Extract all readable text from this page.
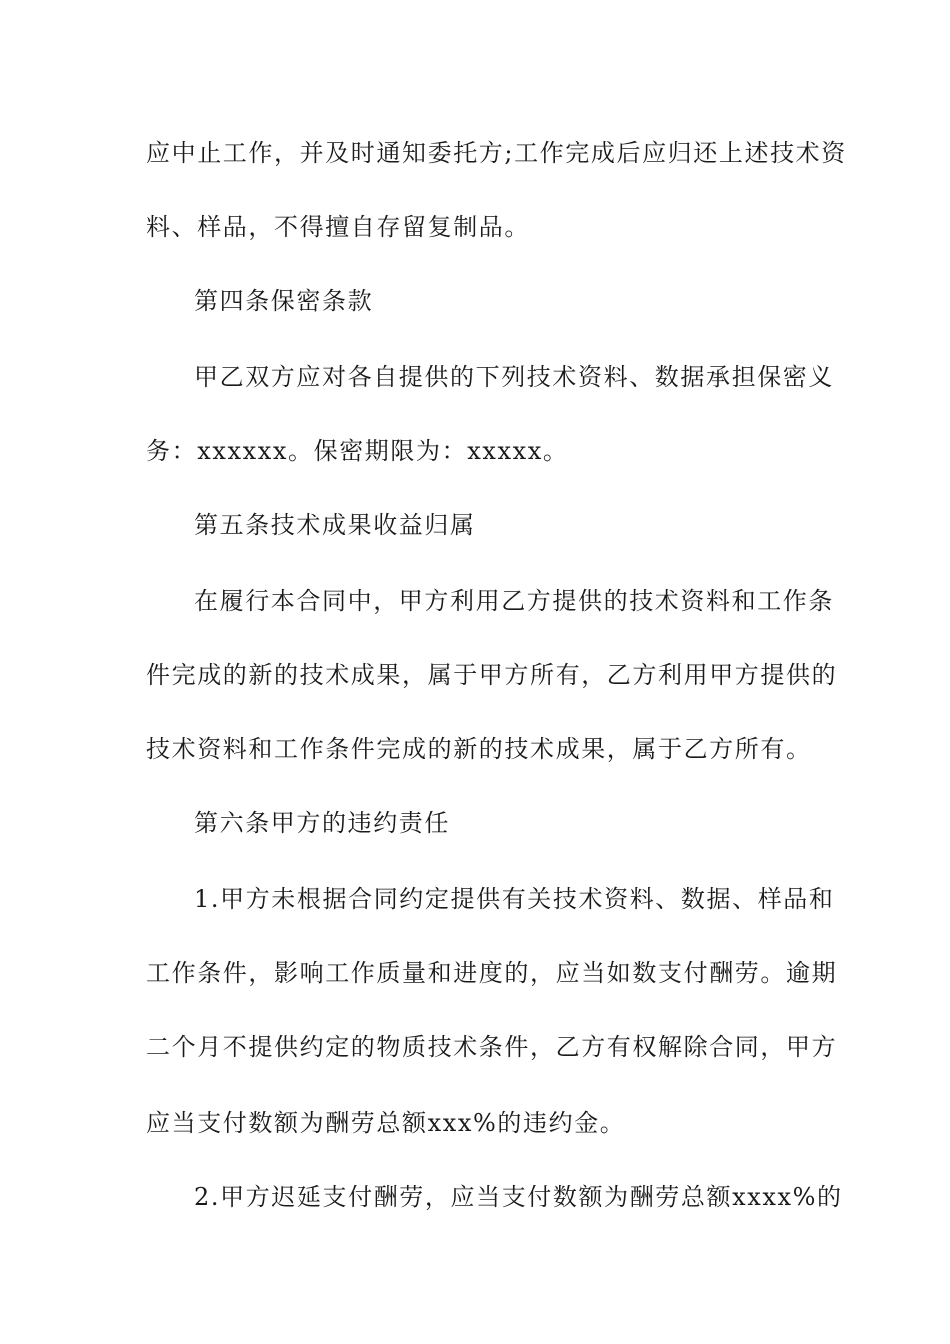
应中止工作，并及时通知委托方;工作完成后应归还上述技术资
料、样品，不得擅自存留复制品。
第四条保密条款
甲乙双方应对各自提供的下列技术资料、数据承担保密义
务：xxxxxx。保密期限为：xxxxx。
第五条技术成果收益归属
在履行本合同中，甲方利用乙方提供的技术资料和工作条
件完成的新的技术成果，属于甲方所有，乙方利用甲方提供的
技术资料和工作条件完成的新的技术成果，属于乙方所有。
第六条甲方的违约责任
1.甲方未根据合同约定提供有关技术资料、数据、样品和
工作条件，影响工作质量和进度的，应当如数支付酬劳。逾期
二个月不提供约定的物质技术条件，乙方有权解除合同，甲方
应当支付数额为酬劳总额xxx%的违约金。
2.甲方迟延支付酬劳，应当支付数额为酬劳总额xxxx%的
